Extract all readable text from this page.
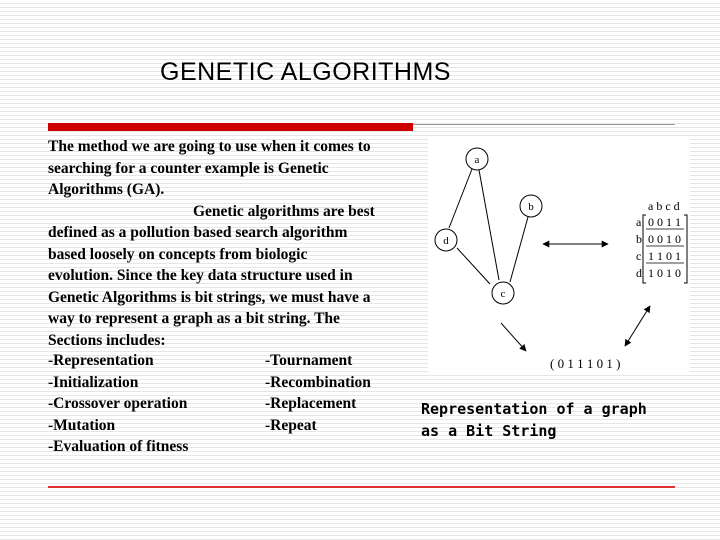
GENETIC ALGORITHMS

The method we are going to use when it comes to

searching for a counter example is Genetic

Algorithms (GA).

Genetic algorithms are best

defined as a pollution based search algorithm

based loosely on concepts from biologic

evolution. Since the key data structure used in

Genetic Algorithms is bit strings, we must have a

way to represent a graph as a bit string. The

Sections includes:

-Representation
-Initialization
-Crossover operation
-Mutation
-Evaluation of fitness
-Tournament
-Recombination
-Replacement
-Repeat
a
b
c
d
a b c d
a 0 0 1 1
b 0 0 1 0
c 1 1 0 1
d 1 0 1 0
( 0 1 1 1 0 1 )
Representation of a graph
as a Bit String
